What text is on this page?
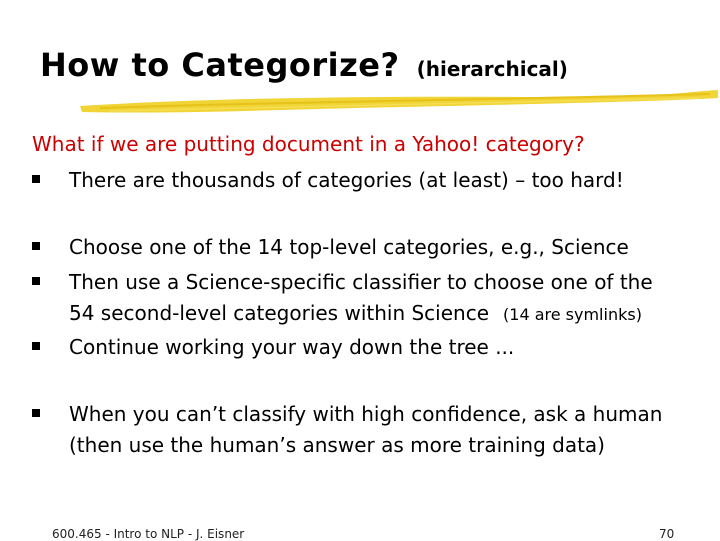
How to Categorize? (hierarchical)
What if we are putting document in a Yahoo! category?
There are thousands of categories (at least) – too hard!
Choose one of the 14 top-level categories, e.g., Science
Then use a Science-specific classifier to choose one of the
54 second-level categories within Science (14 are symlinks)
Continue working your way down the tree ...
When you can’t classify with high confidence, ask a human
(then use the human’s answer as more training data)
600.465 - Intro to NLP - J. Eisner	70
